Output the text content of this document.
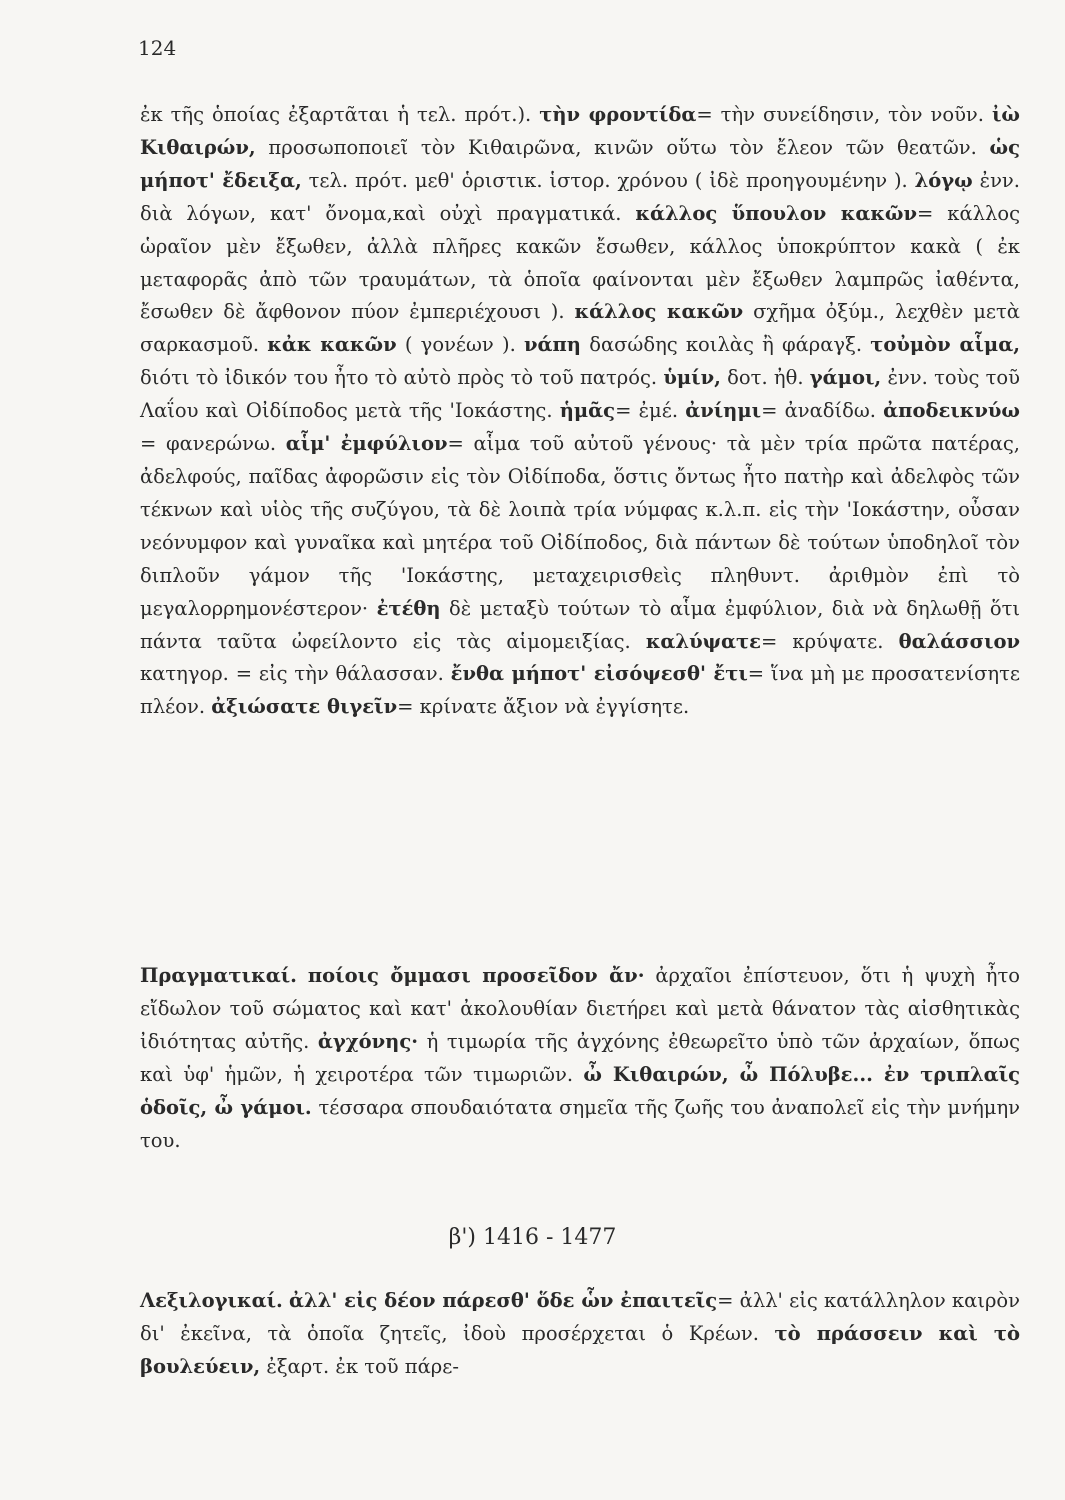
124

ἐκ τῆς ὁποίας ἐξαρτᾶται ἡ τελ. πρότ.). τὴν φροντίδα= τὴν συνείδησιν, τὸν νοῦν. ἰὼ Κιθαιρών, προσωποποιεῖ τὸν Κιθαιρῶνα, κινῶν οὕτω τὸν ἔλεον τῶν θεατῶν. ὡς μήποτ' ἔδειξα, τελ. πρότ. μεθ' ὁριστικ. ἱστορ. χρόνου ( ἰδὲ προηγουμένην ). λόγῳ ἐνν. διὰ λόγων, κατ' ὄνομα,καὶ οὐχὶ πραγματικά. κάλλος ὕπουλον κακῶν= κάλλος ὡραῖον μὲν ἔξωθεν, ἀλλὰ πλῆρες κακῶν ἔσωθεν, κάλλος ὑποκρύπτον κακὰ ( ἐκ μεταφορᾶς ἀπὸ τῶν τραυμάτων, τὰ ὁποῖα φαίνονται μὲν ἔξωθεν λαμπρῶς ἰαθέντα, ἔσωθεν δὲ ἄφθονον πύον ἐμπεριέχουσι ). κάλλος κακῶν σχῆμα ὀξύμ., λεχθὲν μετὰ σαρκασμοῦ. κἀκ κακῶν ( γονέων ). νάπη δασώδης κοιλὰς ἢ φάραγξ. τοὐμὸν αἷμα, διότι τὸ ἰδικόν του ἦτο τὸ αὐτὸ πρὸς τὸ τοῦ πατρός. ὑμίν, δοτ. ἠθ. γάμοι, ἐνν. τοὺς τοῦ Λαΐου καὶ Οἰδίποδος μετὰ τῆς 'Ιοκάστης. ἡμᾶς= ἐμέ. ἀνίημι= ἀναδίδω. ἀποδεικνύω = φανερώνω. αἷμ' ἐμφύλιον= αἷμα τοῦ αὐτοῦ γένους· τὰ μὲν τρία πρῶτα πατέρας, ἀδελφούς, παῖδας ἀφορῶσιν εἰς τὸν Οἰδίποδα, ὅστις ὄντως ἦτο πατὴρ καὶ ἀδελφὸς τῶν τέκνων καὶ υἱὸς τῆς συζύγου, τὰ δὲ λοιπὰ τρία νύμφας κ.λ.π. εἰς τὴν 'Ιοκάστην, οὖσαν νεόνυμφον καὶ γυναῖκα καὶ μητέρα τοῦ Οἰδίποδος, διὰ πάντων δὲ τούτων ὑποδηλοῖ τὸν διπλοῦν γάμον τῆς 'Ιοκάστης, μεταχειρισθεὶς πληθυντ. ἀριθμὸν ἐπὶ τὸ μεγαλορρημονέστερον· ἐτέθη δὲ μεταξὺ τούτων τὸ αἷμα ἐμφύλιον, διὰ νὰ δηλωθῇ ὅτι πάντα ταῦτα ὠφείλοντο εἰς τὰς αἱμομειξίας. καλύψατε= κρύψατε. θαλάσσιον κατηγορ. = εἰς τὴν θάλασσαν. ἔνθα μήποτ' εἰσόψεσθ' ἔτι= ἵνα μὴ με προσατενίσητε πλέον. ἀξιώσατε θιγεῖν= κρίνατε ἄξιον νὰ ἐγγίσητε.

Πραγματικαί. ποίοις ὄμμασι προσεῖδον ἄν· ἀρχαῖοι ἐπίστευον, ὅτι ἡ ψυχὴ ἦτο εἴδωλον τοῦ σώματος καὶ κατ' ἀκολουθίαν διετήρει καὶ μετὰ θάνατον τὰς αἰσθητικὰς ἰδιότητας αὐτῆς. ἀγχόνης· ἡ τιμωρία τῆς ἀγχόνης ἐθεωρεῖτο ὑπὸ τῶν ἀρχαίων, ὅπως καὶ ὑφ' ἡμῶν, ἡ χειροτέρα τῶν τιμωριῶν. ὦ Κιθαιρών, ὦ Πόλυβε... ἐν τριπλαῖς ὁδοῖς, ὦ γάμοι. τέσσαρα σπουδαιότατα σημεῖα τῆς ζωῆς του ἀναπολεῖ εἰς τὴν μνήμην του.

β') 1416 - 1477

Λεξιλογικαί. ἀλλ' εἰς δέον πάρεσθ' ὅδε ὧν ἐπαιτεῖς= ἀλλ' εἰς κατάλληλον καιρὸν δι' ἐκεῖνα, τὰ ὁποῖα ζητεῖς, ἰδοὺ προσέρχεται ὁ Κρέων. τὸ πράσσειν καὶ τὸ βουλεύειν, ἐξαρτ. ἐκ τοῦ πάρε-
